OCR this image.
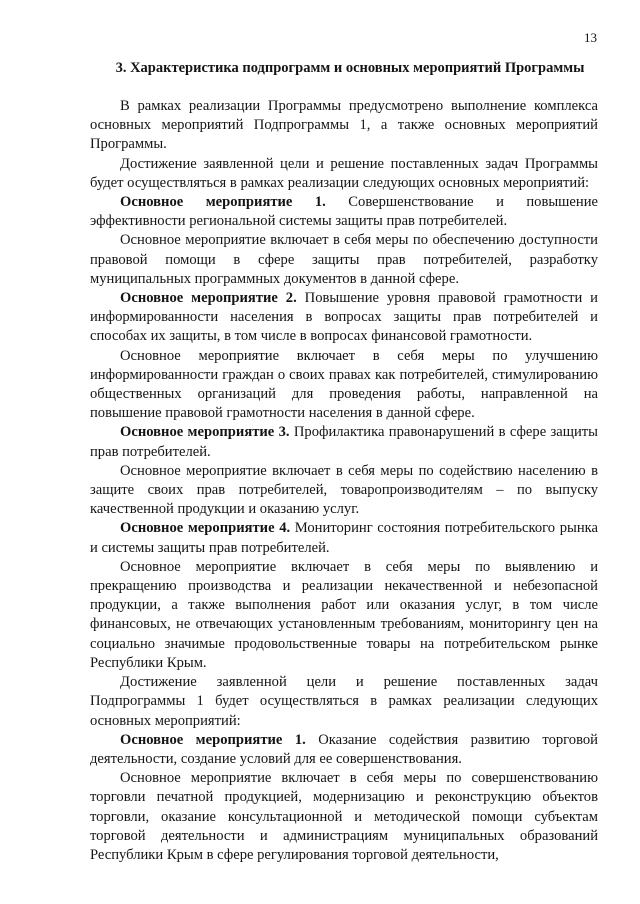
13
3. Характеристика подпрограмм и основных мероприятий Программы

В рамках реализации Программы предусмотрено выполнение комплекса основных мероприятий Подпрограммы 1, а также основных мероприятий Программы.

Достижение заявленной цели и решение поставленных задач Программы будет осуществляться в рамках реализации следующих основных мероприятий:

Основное мероприятие 1. Совершенствование и повышение эффективности региональной системы защиты прав потребителей.

Основное мероприятие включает в себя меры по обеспечению доступности правовой помощи в сфере защиты прав потребителей, разработку муниципальных программных документов в данной сфере.

Основное мероприятие 2. Повышение уровня правовой грамотности и информированности населения в вопросах защиты прав потребителей и способах их защиты, в том числе в вопросах финансовой грамотности.

Основное мероприятие включает в себя меры по улучшению информированности граждан о своих правах как потребителей, стимулированию общественных организаций для проведения работы, направленной на повышение правовой грамотности населения в данной сфере.

Основное мероприятие 3. Профилактика правонарушений в сфере защиты прав потребителей.

Основное мероприятие включает в себя меры по содействию населению в защите своих прав потребителей, товаропроизводителям – по выпуску качественной продукции и оказанию услуг.

Основное мероприятие 4. Мониторинг состояния потребительского рынка и системы защиты прав потребителей.

Основное мероприятие включает в себя меры по выявлению и прекращению производства и реализации некачественной и небезопасной продукции, а также выполнения работ или оказания услуг, в том числе финансовых, не отвечающих установленным требованиям, мониторингу цен на социально значимые продовольственные товары на потребительском рынке Республики Крым.

Достижение заявленной цели и решение поставленных задач Подпрограммы 1 будет осуществляться в рамках реализации следующих основных мероприятий:

Основное мероприятие 1. Оказание содействия развитию торговой деятельности, создание условий для ее совершенствования.

Основное мероприятие включает в себя меры по совершенствованию торговли печатной продукцией, модернизацию и реконструкцию объектов торговли, оказание консультационной и методической помощи субъектам торговой деятельности и администрациям муниципальных образований Республики Крым в сфере регулирования торговой деятельности,
